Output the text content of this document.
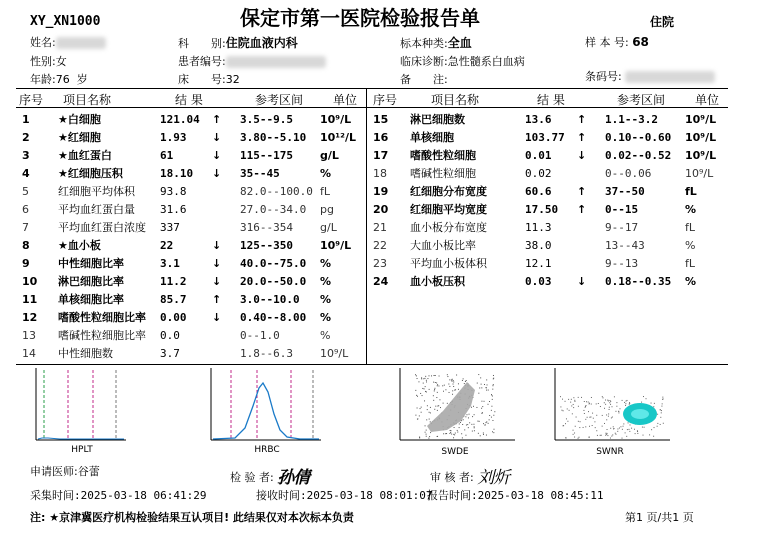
XY_XN1000	保定市第一医院检验报告单	住院
姓名:
性别:女
年龄:76 岁
科　　别:住院血液内科
患者编号:
床　　号:32
标本种类:全血
临床诊断:急性髓系白血病
备　　注:
样 本 号: 68
条码号:
序号 项目名称	结 果	参考区间 单位 序号	项目名称	结 果	参考区间 单位
1	★白细胞	121.04	↑	3.5--9.5	10⁹/L
2	★红细胞	1.93	↓	3.80--5.10	10¹²/L
3	★血红蛋白	61	↓	115--175	g/L
4	★红细胞压积	18.10	↓	35--45	%
5	红细胞平均体积	93.8		82.0--100.0	fL
6	平均血红蛋白量	31.6		27.0--34.0	pg
7	平均血红蛋白浓度	337		316--354	g/L
8	★血小板	22	↓	125--350	10⁹/L
9	中性细胞比率	3.1	↓	40.0--75.0	%
10	淋巴细胞比率	11.2	↓	20.0--50.0	%
11	单核细胞比率	85.7	↑	3.0--10.0	%
12	嗜酸性粒细胞比率	0.00	↓	0.40--8.00	%
13	嗜碱性粒细胞比率	0.0		0--1.0	%
14	中性细胞数	3.7		1.8--6.3	10⁹/L
15	淋巴细胞数	13.6	↑	1.1--3.2	10⁹/L
16	单核细胞	103.77	↑	0.10--0.60	10⁹/L
17	嗜酸性粒细胞	0.01	↓	0.02--0.52	10⁹/L
18	嗜碱性粒细胞	0.02		0--0.06	10⁹/L
19	红细胞分布宽度	60.6	↑	37--50	fL
20	红细胞平均宽度	17.50	↑	0--15	%
21	血小板分布宽度	11.3		9--17	fL
22	大血小板比率	38.0		13--43	%
23	平均血小板体积	12.1		9--13	fL
24	血小板压积	0.03	↓	0.18--0.35	%
HPLT	HRBC	SWDE	SWNR
申请医师:谷蕾	检 验 者: 孙倩	审 核 者: 刘炘
采集时间:2025-03-18 06:41:29	接收时间:2025-03-18 08:01:07
报告时间:2025-03-18 08:45:11
注: ★京津冀医疗机构检验结果互认项目! 此结果仅对本次标本负责	第1 页/共1 页
